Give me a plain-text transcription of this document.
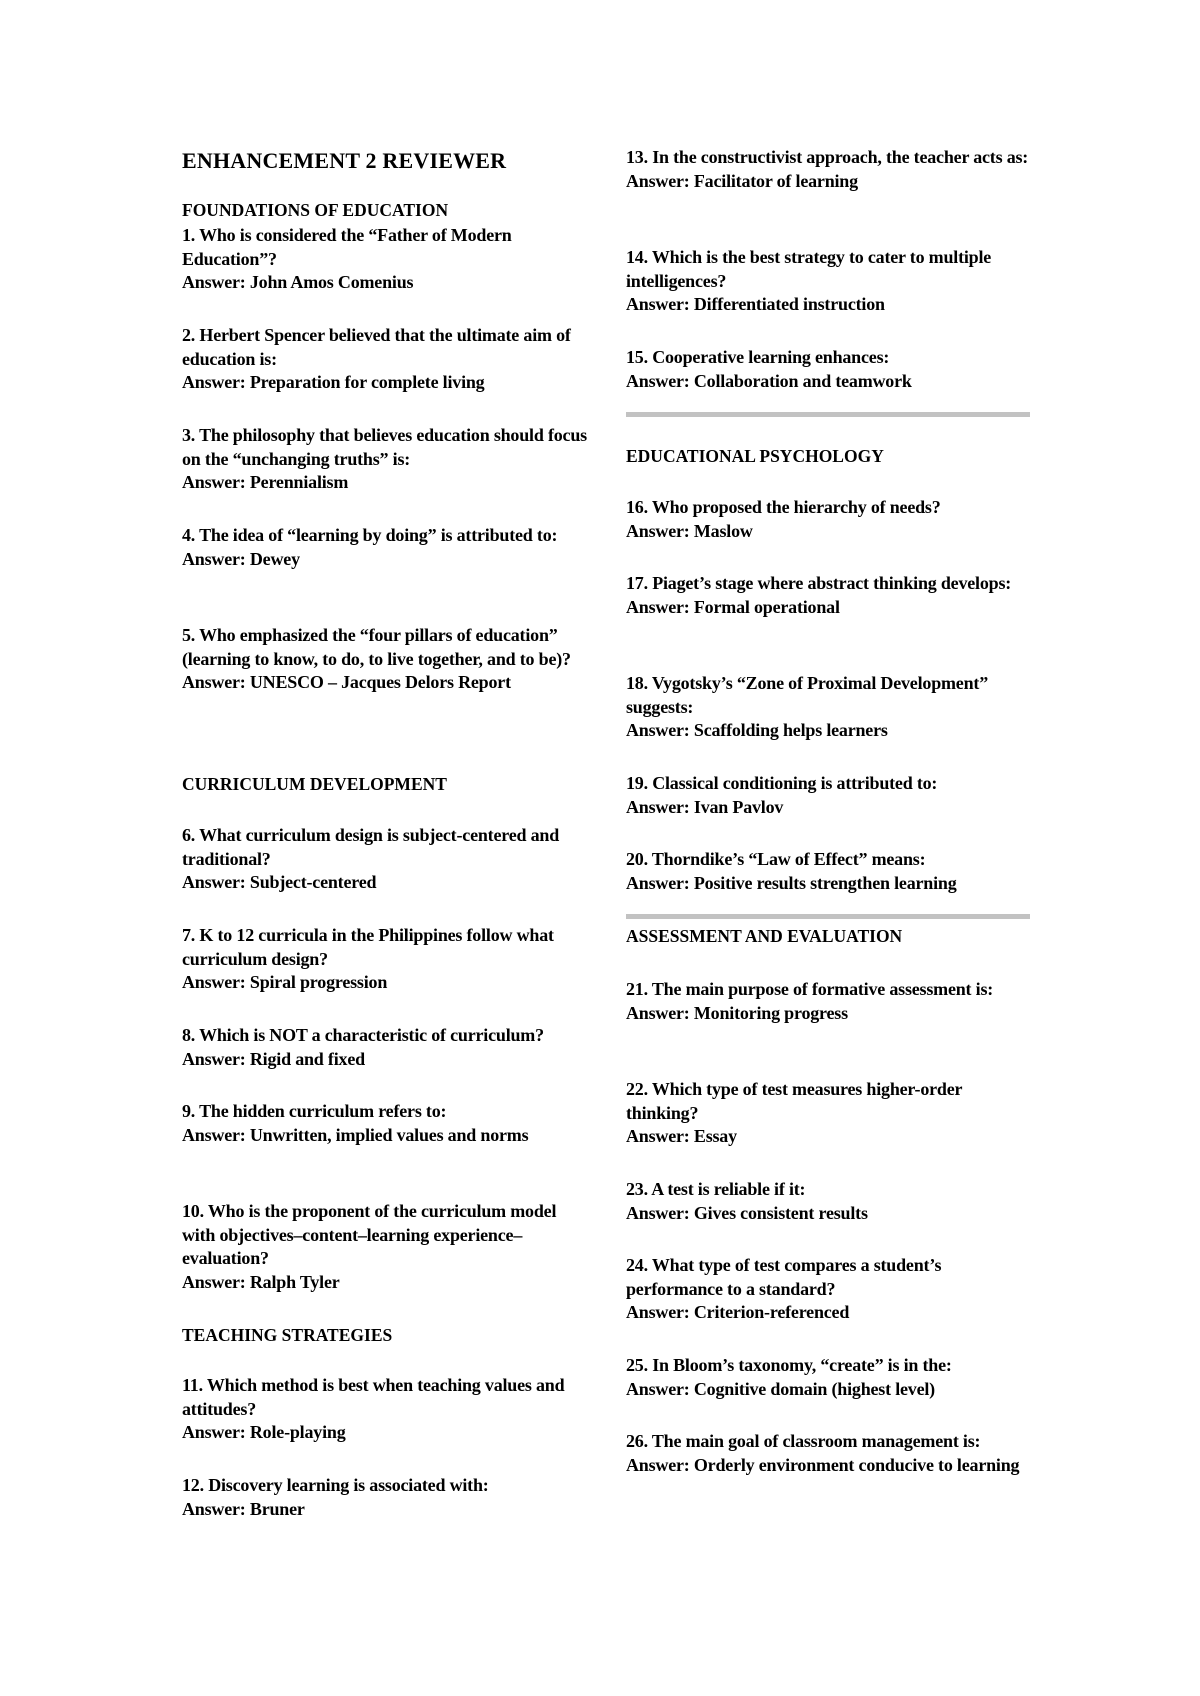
ENHANCEMENT 2 REVIEWER
FOUNDATIONS OF EDUCATION
1. Who is considered the “Father of Modern Education”?
Answer: John Amos Comenius
2. Herbert Spencer believed that the ultimate aim of education is:
Answer: Preparation for complete living
3. The philosophy that believes education should focus on the “unchanging truths” is:
Answer: Perennialism
4. The idea of “learning by doing” is attributed to:
Answer: Dewey
5. Who emphasized the “four pillars of education” (learning to know, to do, to live together, and to be)?
Answer: UNESCO – Jacques Delors Report
CURRICULUM DEVELOPMENT
6. What curriculum design is subject-centered and traditional?
Answer: Subject-centered
7. K to 12 curricula in the Philippines follow what curriculum design?
Answer: Spiral progression
8. Which is NOT a characteristic of curriculum?
Answer: Rigid and fixed
9. The hidden curriculum refers to:
Answer: Unwritten, implied values and norms
10. Who is the proponent of the curriculum model with objectives–content–learning experience–evaluation?
Answer: Ralph Tyler
TEACHING STRATEGIES
11. Which method is best when teaching values and attitudes?
Answer: Role-playing
12. Discovery learning is associated with:
Answer: Bruner
13. In the constructivist approach, the teacher acts as:
Answer: Facilitator of learning
14. Which is the best strategy to cater to multiple intelligences?
Answer: Differentiated instruction
15. Cooperative learning enhances:
Answer: Collaboration and teamwork
EDUCATIONAL PSYCHOLOGY
16. Who proposed the hierarchy of needs?
Answer: Maslow
17. Piaget’s stage where abstract thinking develops:
Answer: Formal operational
18. Vygotsky’s “Zone of Proximal Development” suggests:
Answer: Scaffolding helps learners
19. Classical conditioning is attributed to:
Answer: Ivan Pavlov
20. Thorndike’s “Law of Effect” means:
Answer: Positive results strengthen learning
ASSESSMENT AND EVALUATION
21. The main purpose of formative assessment is:
Answer: Monitoring progress
22. Which type of test measures higher-order thinking?
Answer: Essay
23. A test is reliable if it:
Answer: Gives consistent results
24. What type of test compares a student’s performance to a standard?
Answer: Criterion-referenced
25. In Bloom’s taxonomy, “create” is in the:
Answer: Cognitive domain (highest level)
26. The main goal of classroom management is:
Answer: Orderly environment conducive to learning
